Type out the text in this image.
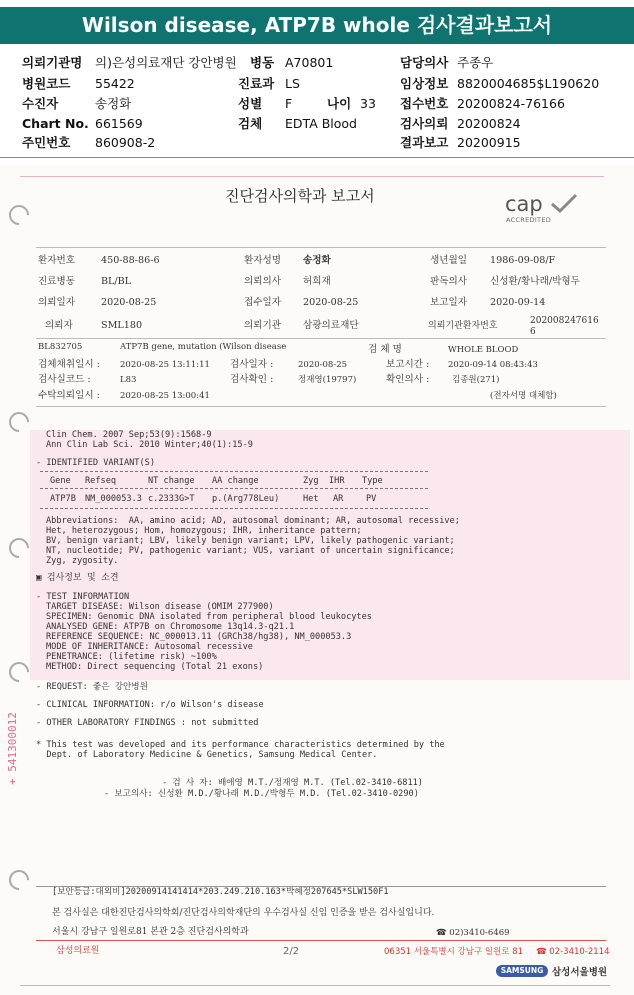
Wilson disease, ATP7B whole 검사결과보고서
의뢰기관명 의)은성의료재단 강안병원 병동 A70801	담당의사 주종우
병원코드 55422	진료과 LS	임상정보 8820004685$L190620
수진자	송정화	성별 F	나이 33 접수번호 20200824-76166
Chart No. 661569	검체 EDTA Blood	검사의뢰 20200824
주민번호 860908-2	결과보고 20200915
진단검사의학과 보고서	cap
ACCREDITED
환자번호	450-88-86-6	환자성명 송정화	생년월일 1986-09-08/F
진료병동	BL/BL	의뢰의사 허희재	판독의사 신성환/황나래/박형두
의뢰일자	2020-08-25	접수일자 2020-08-25	보고일자 2020-09-14
의뢰자	SML180	의뢰기관 삼광의료재단	의뢰기관환자번호	202008247616
6
BL832705	ATP7B gene, mutation (Wilson disease	검 체 명	WHOLE BLOOD
검체채취일시 : 2020-08-25 13:11:11 검사일자 :	2020-08-25	보고시간 : 2020-09-14 08:43:43
검사실코드 :	L83	검사확인 :	정재영(19797)	확인의사 :	김종원(271)
수탁의뢰일시 : 2020-08-25 13:00:41	(전자서명 대체함)
Clin Chem. 2007 Sep;53(9):1568-9
Ann Clin Lab Sci. 2010 Winter;40(1):15-9
- IDENTIFIED VARIANT(S)
Gene Refseq	NT change AA change	Zyg IHR Type
ATP7B NM_000053.3 c.2333G>T p.(Arg778Leu)	Het AR	PV
Abbreviations:  AA, amino acid; AD, autosomal dominant; AR, autosomal recessive;
Het, heterozygous; Hom, homozygous; IHR, inheritance pattern;
BV, benign variant; LBV, likely benign variant; LPV, likely pathogenic variant;
NT, nucleotide; PV, pathogenic variant; VUS, variant of uncertain significance;
Zyg, zygosity.
▣ 검사정보 및 소견
- TEST INFORMATION
TARGET DISEASE: Wilson disease (OMIM 277900)
SPECIMEN: Genomic DNA isolated from peripheral blood leukocytes
ANALYSED GENE: ATP7B on Chromosome 13q14.3-q21.1
REFERENCE SEQUENCE: NC_000013.11 (GRCh38/hg38), NM_000053.3
MODE OF INHERITANCE: Autosomal recessive
PENETRANCE: (lifetime risk) ~100%
METHOD: Direct sequencing (Total 21 exons)
- REQUEST: 좋은 강안병원
- CLINICAL INFORMATION: r/o Wilson's disease
- OTHER LABORATORY FINDINGS : not submitted
* This test was developed and its performance characteristics determined by the
Dept. of Laboratory Medicine & Genetics, Samsung Medical Center.
- 검 사 자: 배애영 M.T./정재영 M.T. (Tel.02-3410-6811)
- 보고의사: 신성환 M.D./황나래 M.D./박형두 M.D. (Tel.02-3410-0290)
+ 541300012
[보안등급:대외비]20200914141414*203.249.210.163*박혜정207645*SLW150F1
본 검사실은 대한진단검사의학회/진단검사의학재단의 우수검사실 신임 인증을 받은 검사실입니다.
서울시 강남구 일원로81 본관 2층 진단검사의학과	☎ 02)3410-6469
삼성의료원	2/2	06351 서울특별시 강남구 일원로 81 ☎ 02-3410-2114
SAMSUNG 삼성서울병원
